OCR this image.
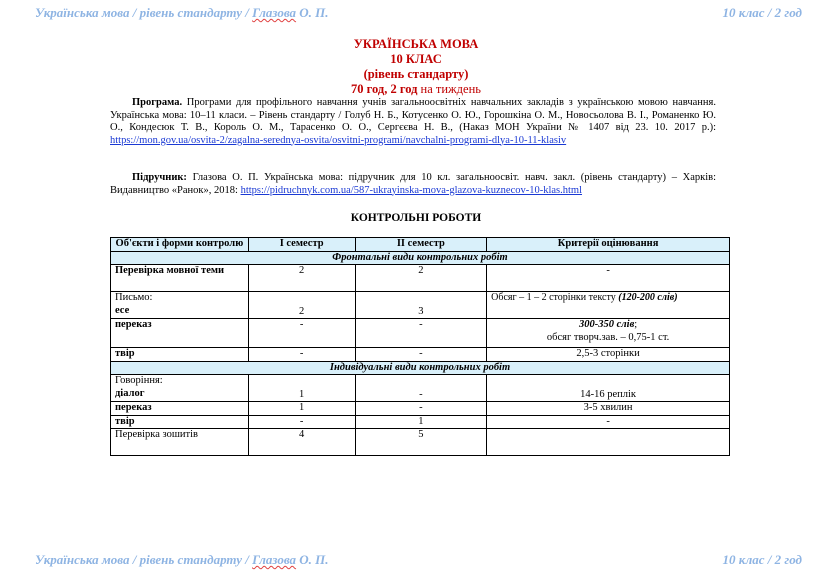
Українська мова / рівень стандарту / Глазова О. П.	10 клас / 2 год
УКРАЇНСЬКА МОВА
10 КЛАС
(рівень стандарту)
70 год, 2 год на тиждень
Програма. Програми для профільного навчання учнів загальноосвітніх навчальних закладів з українською мовою навчання. Українська мова: 10–11 класи. – Рівень стандарту / Голуб Н. Б., Котусенко О. Ю., Горошкіна О. М., Новосьолова В. І., Романенко Ю. О., Кондесюк Т. В., Король О. М., Тарасенко О. О., Сергєєва Н. В., (Наказ МОН України № 1407 від 23. 10. 2017 р.): https://mon.gov.ua/osvita-2/zagalna-serednya-osvita/osvitni-programi/navchalni-programi-dlya-10-11-klasiv
Підручник: Глазова О. П. Українська мова: підручник для 10 кл. загальноосвіт. навч. закл. (рівень стандарту) – Харків: Видавництво «Ранок», 2018: https://pidruchnyk.com.ua/587-ukrayinska-mova-glazova-kuznecov-10-klas.html
КОНТРОЛЬНІ РОБОТИ
Об'єкти і форми контролю	І семестр	ІІ семестр	Критерії оцінювання
Фронтальні види контрольних робіт			
Перевірка мовної теми	2	2	-

Письмо:
есе	2	3	Обсяг – 1 – 2 сторінки тексту (120-200 слів)
переказ	-	-	300-350 слів;
обсяг творч.зав. – 0,75-1 ст.

твір	-	-	2,5-3 сторінки
Індивідуальні види контрольних робіт			

Говоріння:
діалог	1	-	14-16 реплік
переказ	1	-	3-5 хвилин
твір	-	1	-
Перевірка зошитів	4	5	
Українська мова / рівень стандарту / Глазова О. П.	10 клас / 2 год
